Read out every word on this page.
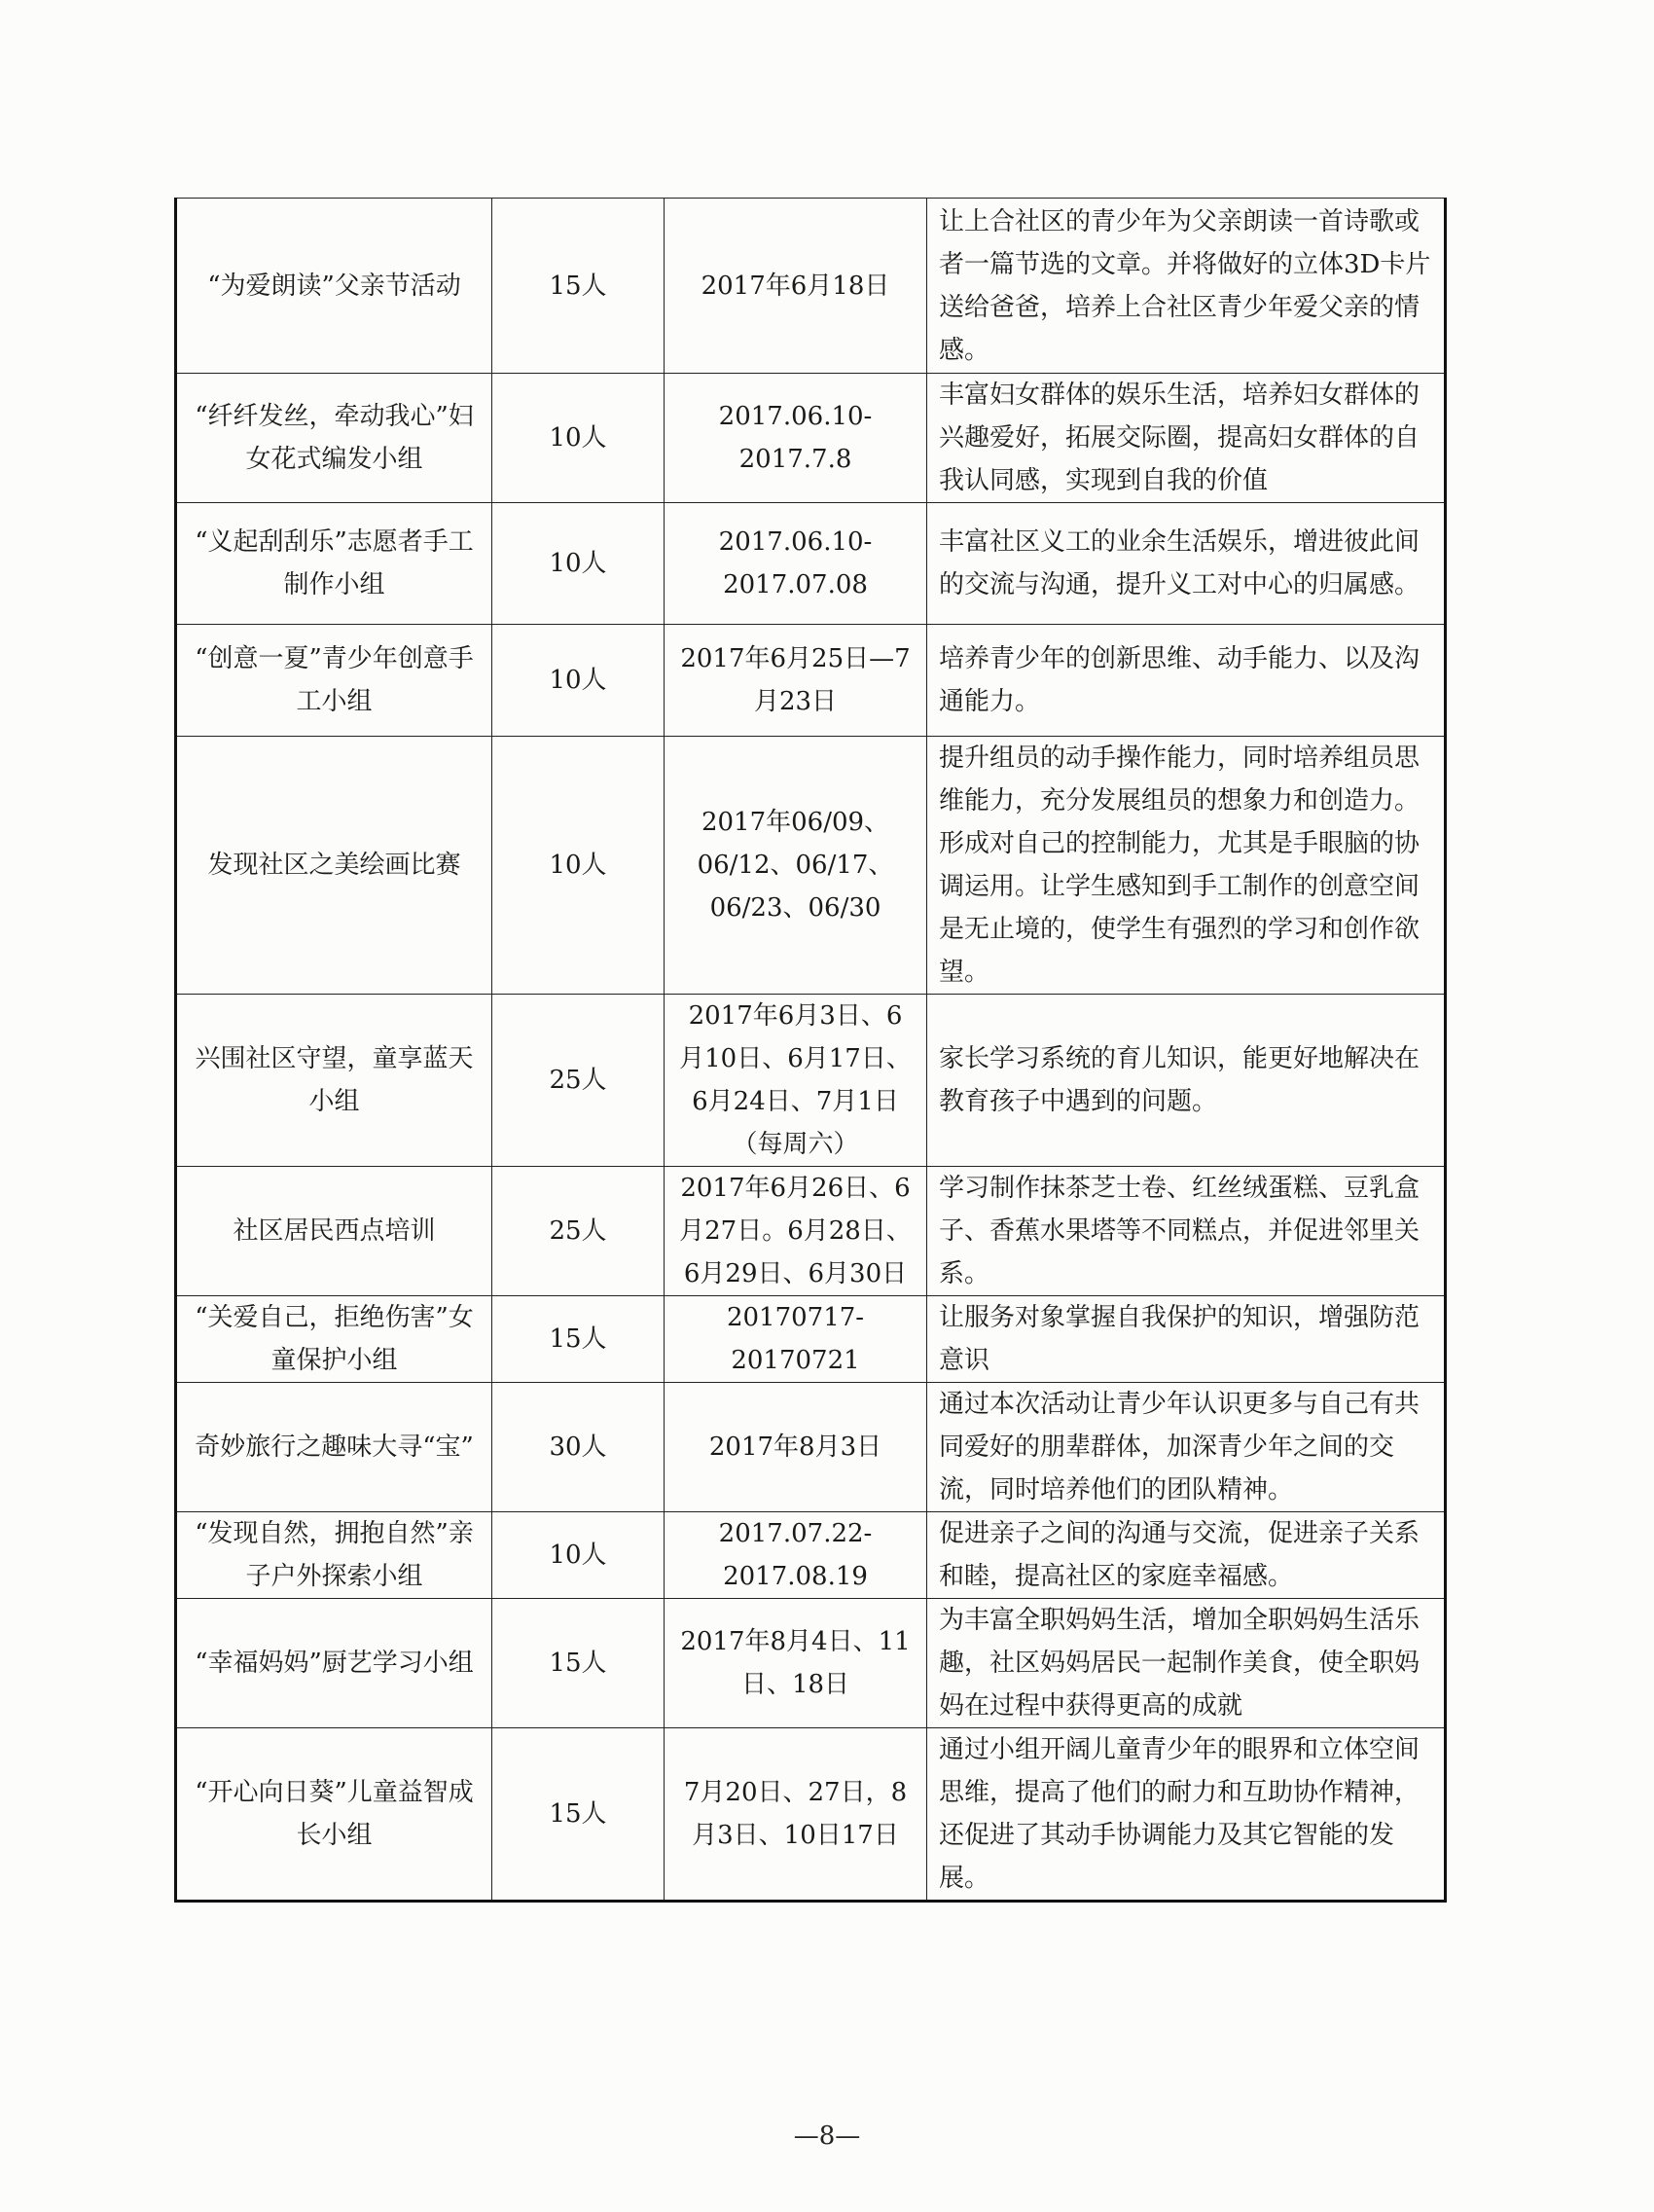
“为爱朗读”父亲节活动	15人	2017年6月18日	让上合社区的青少年为父亲朗读一首诗歌或者一篇节选的文章。并将做好的立体3D卡片送给爸爸，培养上合社区青少年爱父亲的情感。
“纤纤发丝，牵动我心”妇女花式编发小组	10人	2017.06.10-2017.7.8	丰富妇女群体的娱乐生活，培养妇女群体的兴趣爱好，拓展交际圈，提高妇女群体的自我认同感，实现到自我的价值
“义起刮刮乐”志愿者手工制作小组	10人	2017.06.10-2017.07.08	丰富社区义工的业余生活娱乐，增进彼此间的交流与沟通，提升义工对中心的归属感。
“创意一夏”青少年创意手工小组	10人	2017年6月25日—7月23日	培养青少年的创新思维、动手能力、以及沟通能力。
发现社区之美绘画比赛	10人	2017年06/09、06/12、06/17、06/23、06/30	提升组员的动手操作能力，同时培养组员思维能力，充分发展组员的想象力和创造力。形成对自己的控制能力，尤其是手眼脑的协调运用。让学生感知到手工制作的创意空间是无止境的，使学生有强烈的学习和创作欲望。
兴围社区守望，童享蓝天小组	25人	2017年6月3日、6月10日、6月17日、6月24日、7月1日（每周六）	家长学习系统的育儿知识，能更好地解决在教育孩子中遇到的问题。
社区居民西点培训	25人	2017年6月26日、6月27日。6月28日、6月29日、6月30日	学习制作抹茶芝士卷、红丝绒蛋糕、豆乳盒子、香蕉水果塔等不同糕点，并促进邻里关系。
“关爱自己，拒绝伤害”女童保护小组	15人	20170717-20170721	让服务对象掌握自我保护的知识，增强防范意识
奇妙旅行之趣味大寻“宝”	30人	2017年8月3日	通过本次活动让青少年认识更多与自己有共同爱好的朋辈群体，加深青少年之间的交流，同时培养他们的团队精神。
“发现自然，拥抱自然”亲子户外探索小组	10人	2017.07.22-2017.08.19	促进亲子之间的沟通与交流，促进亲子关系和睦，提高社区的家庭幸福感。
“幸福妈妈”厨艺学习小组	15人	2017年8月4日、11日、18日	为丰富全职妈妈生活，增加全职妈妈生活乐趣，社区妈妈居民一起制作美食，使全职妈妈在过程中获得更高的成就
“开心向日葵”儿童益智成长小组	15人	7月20日、27日，8月3日、10日17日	通过小组开阔儿童青少年的眼界和立体空间思维，提高了他们的耐力和互助协作精神，还促进了其动手协调能力及其它智能的发展。
—8—
